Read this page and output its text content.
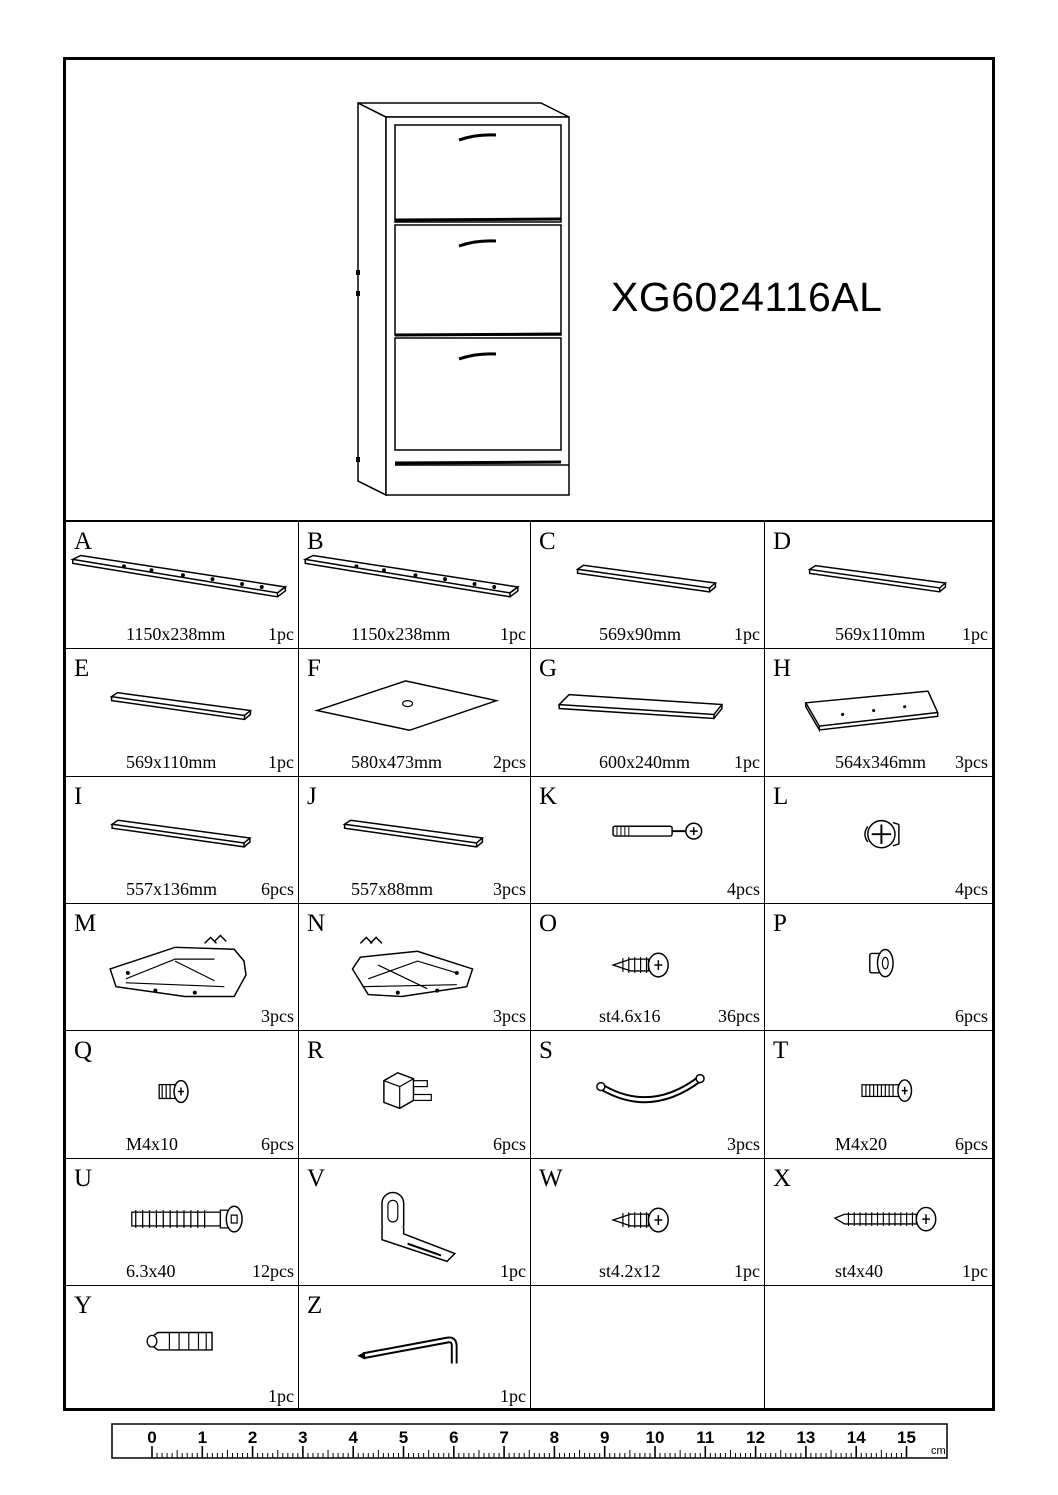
XG6024116AL
A
1150x238mm 1pc
B
1150x238mm	1pc
C
569x90mm	1pc
D
569x110mm 1pc
E
569x110mm	1pc
F
580x473mm	2pcs
G
600x240mm 1pc
H
564x346mm 3pcs
I
557x136mm 6pcs
J
557x88mm	3pcs
K
4pcs
L
4pcs
M
3pcs
N
3pcs
O
st4.6x16	36pcs
P
6pcs
Q
M4x10	6pcs
R
6pcs
S
3pcs
T
M4x20	6pcs
U
6.3x40	12pcs
V
1pc
W
st4.2x12	1pc
X
st4x40	1pc
Y
1pc
Z
1pc
0 1 2 3 4 5 6 7 8 9 10 11 12 13 14 15
cm
